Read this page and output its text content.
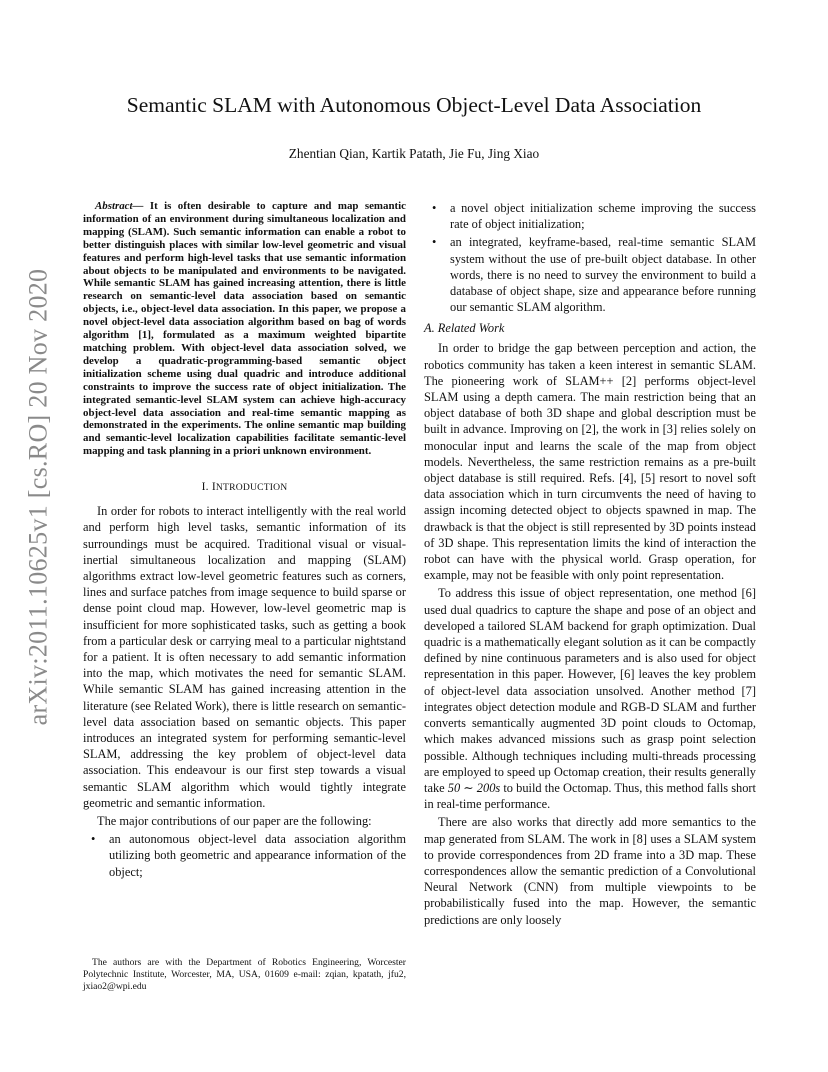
arXiv:2011.10625v1 [cs.RO] 20 Nov 2020
Semantic SLAM with Autonomous Object-Level Data Association
Zhentian Qian, Kartik Patath, Jie Fu, Jing Xiao

Abstract— It is often desirable to capture and map semantic information of an environment during simultaneous localization and mapping (SLAM). Such semantic information can enable a robot to better distinguish places with similar low-level geometric and visual features and perform high-level tasks that use semantic information about objects to be manipulated and environments to be navigated. While semantic SLAM has gained increasing attention, there is little research on semantic-level data association based on semantic objects, i.e., object-level data association. In this paper, we propose a novel object-level data association algorithm based on bag of words algorithm [1], formulated as a maximum weighted bipartite matching problem. With object-level data association solved, we develop a quadratic-programming-based semantic object initialization scheme using dual quadric and introduce additional constraints to improve the success rate of object initialization. The integrated semantic-level SLAM system can achieve high-accuracy object-level data association and real-time semantic mapping as demonstrated in the experiments. The online semantic map building and semantic-level localization capabilities facilitate semantic-level mapping and task planning in a priori unknown environment.

I. INTRODUCTION

In order for robots to interact intelligently with the real world and perform high level tasks, semantic information of its surroundings must be acquired. Traditional visual or visual-inertial simultaneous localization and mapping (SLAM) algorithms extract low-level geometric features such as corners, lines and surface patches from image sequence to build sparse or dense point cloud map. However, low-level geometric map is insufficient for more sophisticated tasks, such as getting a book from a particular desk or carrying meal to a particular nightstand for a patient. It is often necessary to add semantic information into the map, which motivates the need for semantic SLAM. While semantic SLAM has gained increasing attention in the literature (see Related Work), there is little research on semantic-level data association based on semantic objects. This paper introduces an integrated system for performing semantic-level SLAM, addressing the key problem of object-level data association. This endeavour is our first step towards a visual semantic SLAM algorithm which would tightly integrate geometric and semantic information.

The major contributions of our paper are the following:

• an autonomous object-level data association algorithm utilizing both geometric and appearance information of the object;
• a novel object initialization scheme improving the success rate of object initialization;
• an integrated, keyframe-based, real-time semantic SLAM system without the use of pre-built object database. In other words, there is no need to survey the environment to build a database of object shape, size and appearance before running our semantic SLAM algorithm.
A. Related Work

In order to bridge the gap between perception and action, the robotics community has taken a keen interest in semantic SLAM. The pioneering work of SLAM++ [2] performs object-level SLAM using a depth camera. The main restriction being that an object database of both 3D shape and global description must be built in advance. Improving on [2], the work in [3] relies solely on monocular input and learns the scale of the map from object models. Nevertheless, the same restriction remains as a pre-built object database is still required. Refs. [4], [5] resort to novel soft data association which in turn circumvents the need of having to assign incoming detected object to objects spawned in map. The drawback is that the object is still represented by 3D points instead of 3D shape. This representation limits the kind of interaction the robot can have with the physical world. Grasp operation, for example, may not be feasible with only point representation.

To address this issue of object representation, one method [6] used dual quadrics to capture the shape and pose of an object and developed a tailored SLAM backend for graph optimization. Dual quadric is a mathematically elegant solution as it can be compactly defined by nine continuous parameters and is also used for object representation in this paper. However, [6] leaves the key problem of object-level data association unsolved. Another method [7] integrates object detection module and RGB-D SLAM and further converts semantically augmented 3D point clouds to Octomap, which makes advanced missions such as grasp point selection possible. Although techniques including multi-threads processing are employed to speed up Octomap creation, their results generally take 50 ∼ 200s to build the Octomap. Thus, this method falls short in real-time performance.

There are also works that directly add more semantics to the map generated from SLAM. The work in [8] uses a SLAM system to provide correspondences from 2D frame into a 3D map. These correspondences allow the semantic prediction of a Convolutional Neural Network (CNN) from multiple viewpoints to be probabilistically fused into the map. However, the semantic predictions are only loosely

The authors are with the Department of Robotics Engineering, Worcester Polytechnic Institute, Worcester, MA, USA, 01609 e-mail: zqian, kpatath, jfu2, jxiao2@wpi.edu
